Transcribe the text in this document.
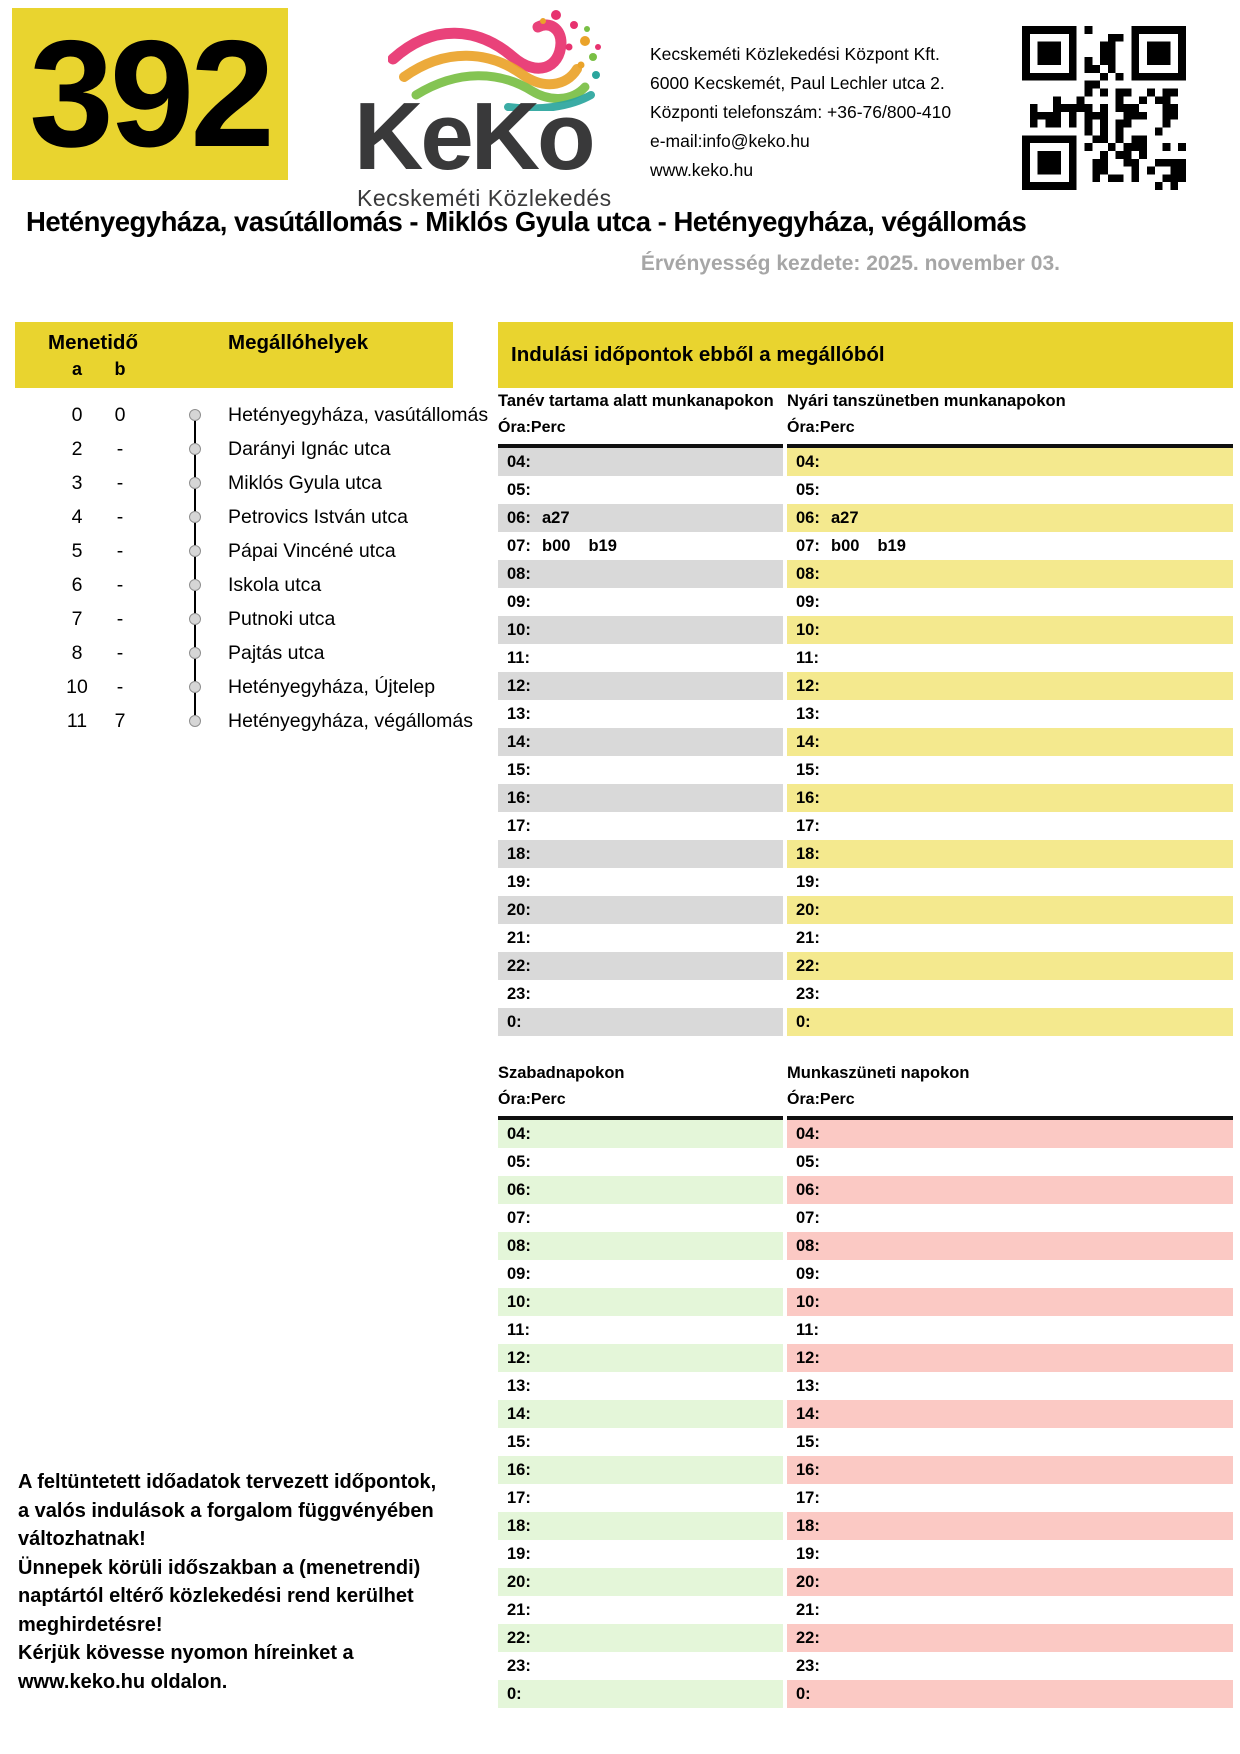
392 KeKo
Kecskeméti Közlekedés
Kecskeméti Közlekedési Központ Kft.
6000 Kecskemét, Paul Lechler utca 2.
Központi telefonszám: +36-76/800-410
e-mail:info@keko.hu
www.keko.hu
Hetényegyháza, vasútállomás - Miklós Gyula utca - Hetényegyháza, végállomás
Érvényesség kezdete: 2025. november 03.
Menetidő
a	b
Megállóhelyek
0	0	Hetényegyháza, vasútállomás
2	-	Darányi Ignác utca
3	-	Miklós Gyula utca
4	-	Petrovics István utca
5	-	Pápai Vincéné utca
6	-	Iskola utca
7	-	Putnoki utca
8	-	Pajtás utca
10	-	Hetényegyháza, Újtelep
11	7	Hetényegyháza, végállomás
Indulási időpontok ebből a megállóból
Tanév tartama alatt munkanapokon
Óra:Perc
04:
05:
06: a27
07: b00 b19
08:
09:
10:
11:
12:
13:
14:
15:
16:
17:
18:
19:
20:
21:
22:
23:
0:
Nyári tanszünetben munkanapokon
Óra:Perc
04:
05:
06: a27
07: b00 b19
08:
09:
10:
11:
12:
13:
14:
15:
16:
17:
18:
19:
20:
21:
22:
23:
0:
Szabadnapokon
Óra:Perc
04:
05:
06:
07:
08:
09:
10:
11:
12:
13:
14:
15:
16:
17:
18:
19:
20:
21:
22:
23:
0:
Munkaszüneti napokon
Óra:Perc
04:
05:
06:
07:
08:
09:
10:
11:
12:
13:
14:
15:
16:
17:
18:
19:
20:
21:
22:
23:
0:
A feltüntetett időadatok tervezett időpontok,
a valós indulások a forgalom függvényében
változhatnak!
Ünnepek körüli időszakban a (menetrendi)
naptártól eltérő közlekedési rend kerülhet
meghirdetésre!
Kérjük kövesse nyomon híreinket a
www.keko.hu oldalon.
